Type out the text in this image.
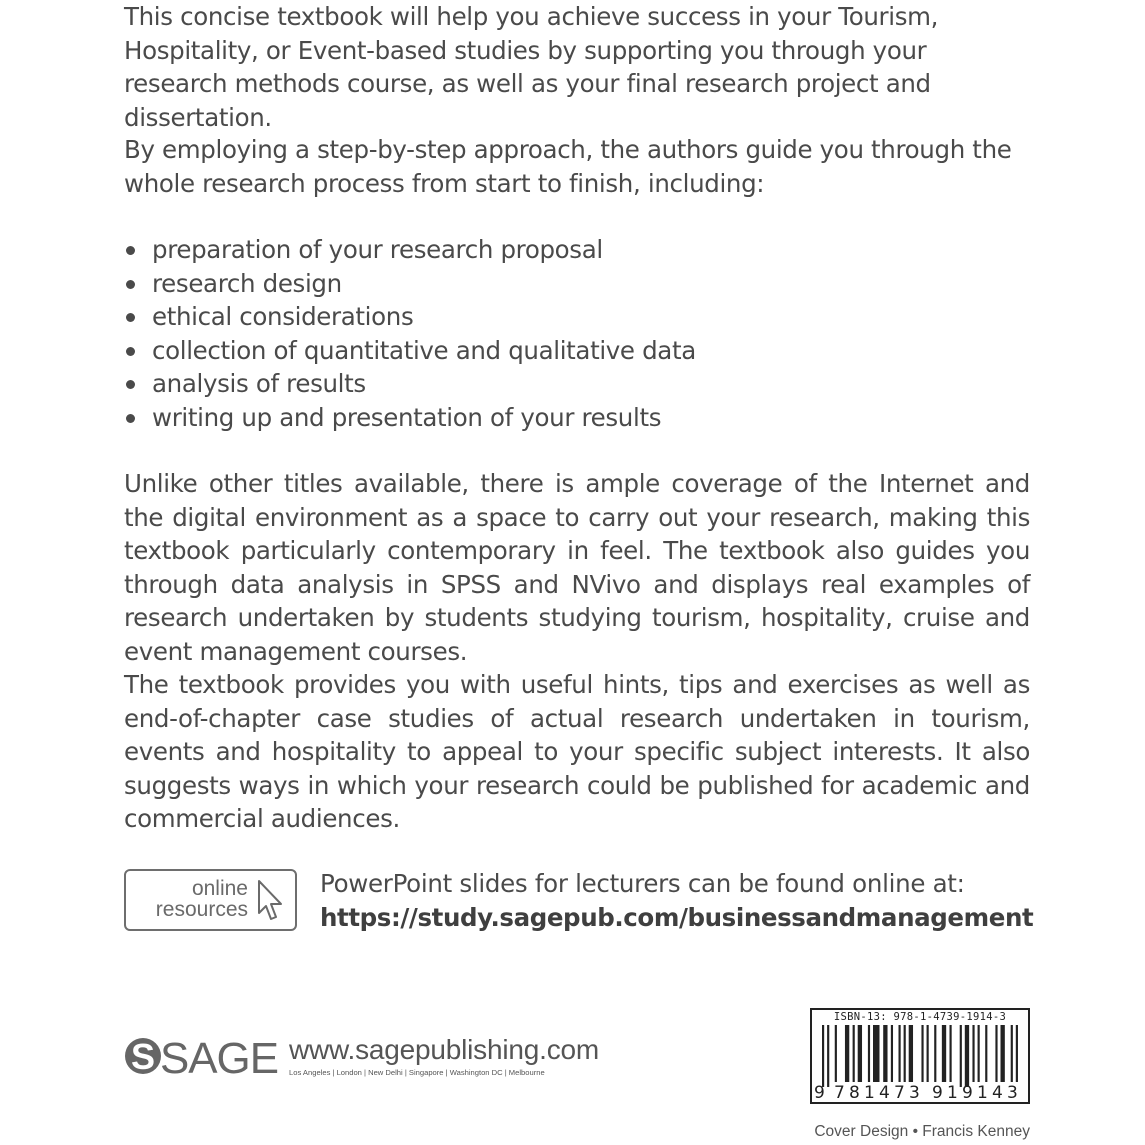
This concise textbook will help you achieve success in your Tourism, Hospitality, or Event-based studies by supporting you through your research methods course, as well as your final research project and dissertation.

By employing a step-by-step approach, the authors guide you through the whole research process from start to finish, including:

preparation of your research proposal
research design
ethical considerations
collection of quantitative and qualitative data
analysis of results
writing up and presentation of your results

Unlike other titles available, there is ample coverage of the Internet and the digital environment as a space to carry out your research, making this textbook particularly contemporary in feel. The textbook also guides you through data analysis in SPSS and NVivo and displays real examples of research undertaken by students studying tourism, hospitality, cruise and event management courses.

The textbook provides you with useful hints, tips and exercises as well as end-of-chapter case studies of actual research undertaken in tourism, events and hospitality to appeal to your specific subject interests. It also suggests ways in which your research could be published for academic and commercial audiences.

online
resources
PowerPoint slides for lecturers can be found online at:
https://study.sagepub.com/businessandmanagement
S SAGE www.sagepublishing.com
Los Angeles | London | New Delhi | Singapore | Washington DC | Melbourne
ISBN-13: 978-1-4739-1914-3
9 7 8 1 4 7 3 9 1 9 1 4 3
Cover Design • Francis Kenney
